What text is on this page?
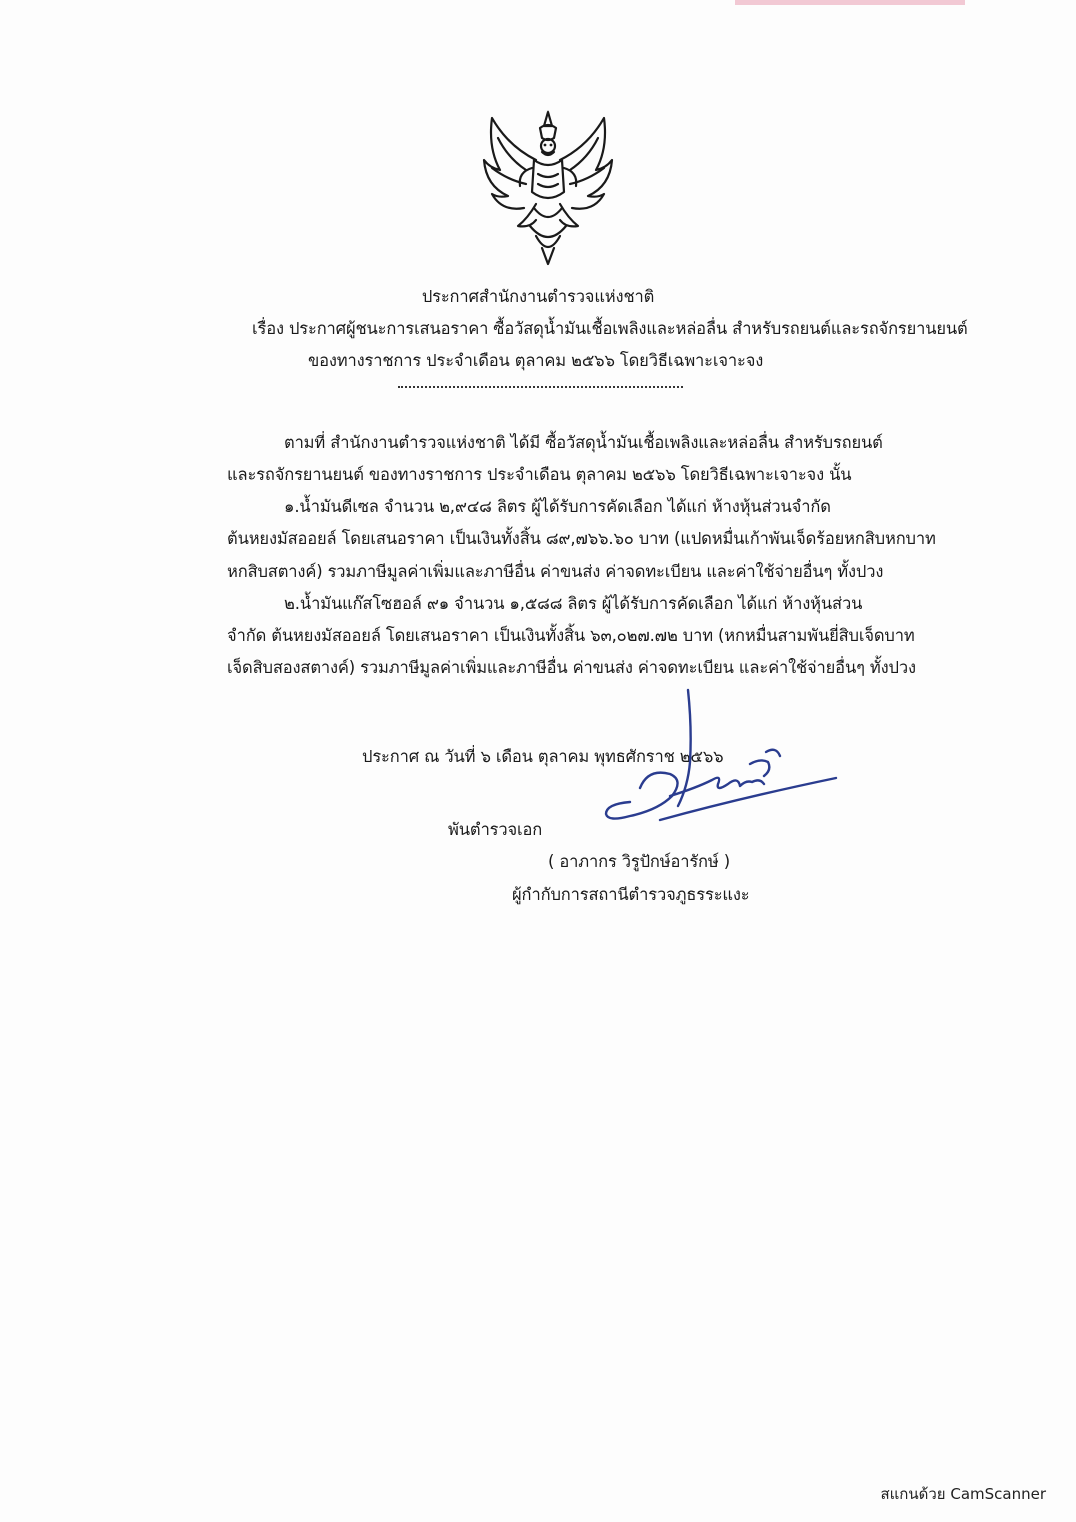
ประกาศสำนักงานตำรวจแห่งชาติ
เรื่อง ประกาศผู้ชนะการเสนอราคา ซื้อวัสดุน้ำมันเชื้อเพลิงและหล่อลื่น สำหรับรถยนต์และรถจักรยานยนต์
ของทางราชการ ประจำเดือน ตุลาคม ๒๕๖๖ โดยวิธีเฉพาะเจาะจง
ตามที่ สำนักงานตำรวจแห่งชาติ ได้มี ซื้อวัสดุน้ำมันเชื้อเพลิงและหล่อลื่น สำหรับรถยนต์
และรถจักรยานยนต์ ของทางราชการ ประจำเดือน ตุลาคม ๒๕๖๖ โดยวิธีเฉพาะเจาะจง นั้น
๑.น้ำมันดีเซล จำนวน ๒,๙๔๘ ลิตร ผู้ได้รับการคัดเลือก ได้แก่ ห้างหุ้นส่วนจำกัด
ต้นหยงมัสออยล์ โดยเสนอราคา เป็นเงินทั้งสิ้น ๘๙,๗๖๖.๖๐ บาท (แปดหมื่นเก้าพันเจ็ดร้อยหกสิบหกบาท
หกสิบสตางค์) รวมภาษีมูลค่าเพิ่มและภาษีอื่น ค่าขนส่ง ค่าจดทะเบียน และค่าใช้จ่ายอื่นๆ ทั้งปวง
๒.น้ำมันแก๊สโซฮอล์ ๙๑ จำนวน ๑,๕๘๘ ลิตร ผู้ได้รับการคัดเลือก ได้แก่ ห้างหุ้นส่วน
จำกัด ต้นหยงมัสออยล์ โดยเสนอราคา เป็นเงินทั้งสิ้น ๖๓,๐๒๗.๗๒ บาท (หกหมื่นสามพันยี่สิบเจ็ดบาท
เจ็ดสิบสองสตางค์) รวมภาษีมูลค่าเพิ่มและภาษีอื่น ค่าขนส่ง ค่าจดทะเบียน และค่าใช้จ่ายอื่นๆ ทั้งปวง
ประกาศ ณ วันที่ ๖ เดือน ตุลาคม พุทธศักราช ๒๕๖๖
พันตำรวจเอก
( อาภากร วิรูปักษ์อารักษ์ )
ผู้กำกับการสถานีตำรวจภูธรระแงะ
สแกนด้วย CamScanner
